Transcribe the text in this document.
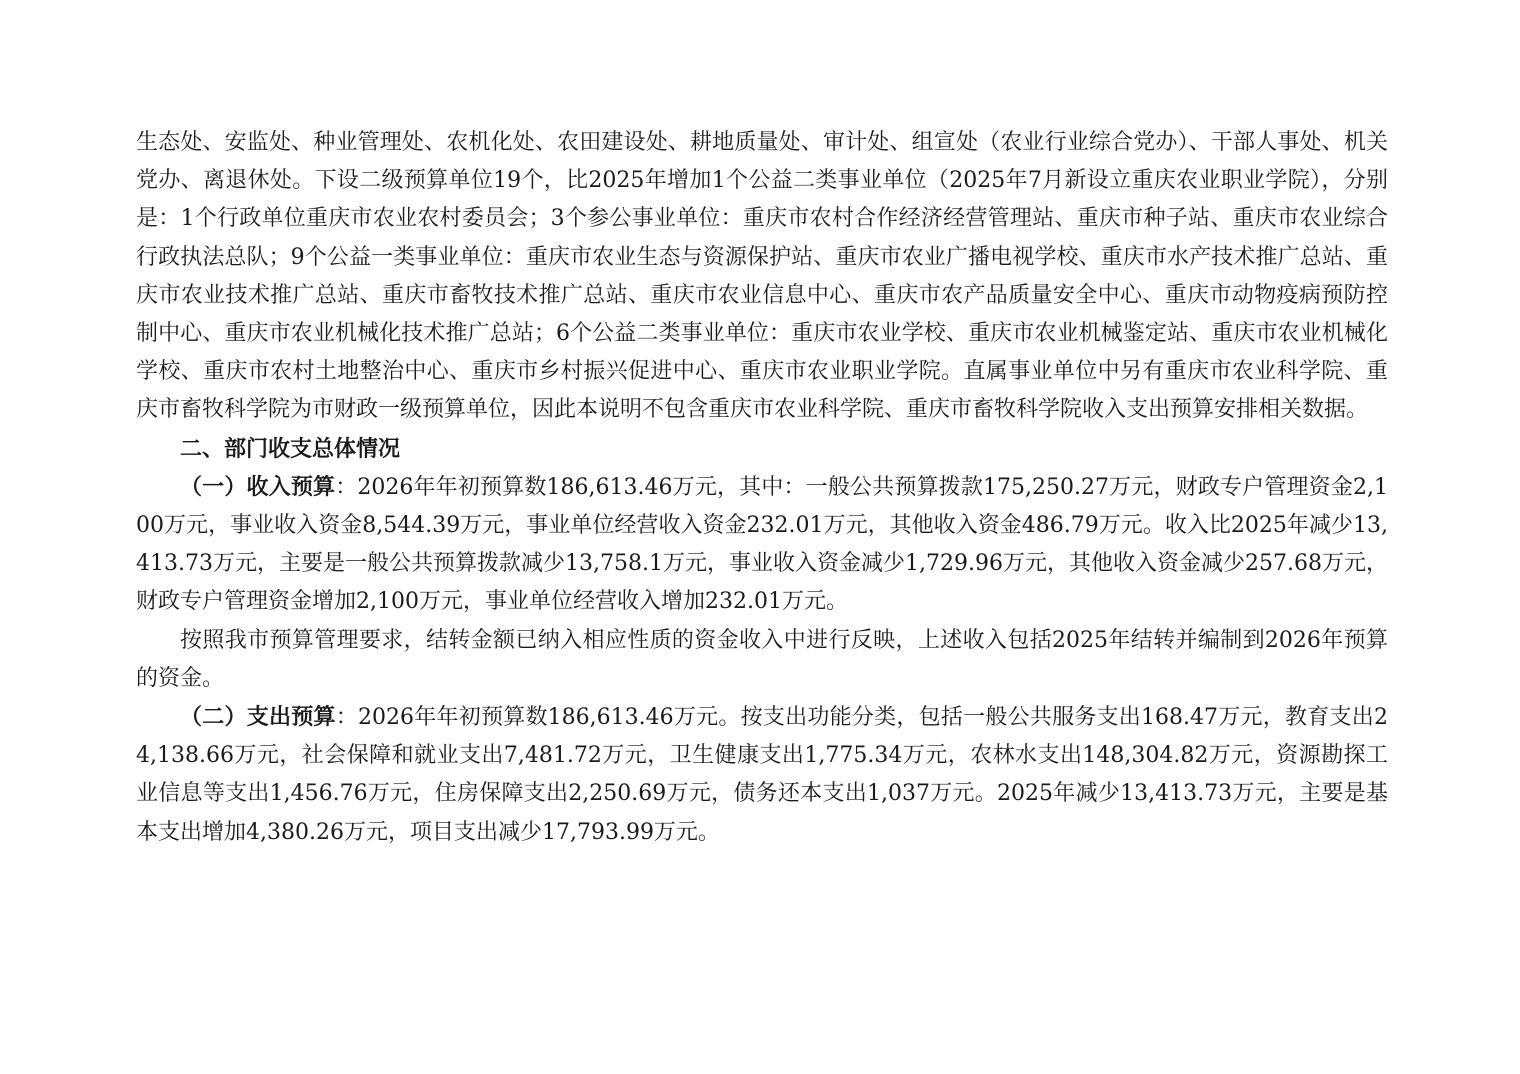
生态处、安监处、种业管理处、农机化处、农田建设处、耕地质量处、审计处、组宣处（农业行业综合党办）、干部人事处、机关党办、离退休处。下设二级预算单位19个，比2025年增加1个公益二类事业单位（2025年7月新设立重庆农业职业学院），分别是：1个行政单位重庆市农业农村委员会；3个参公事业单位：重庆市农村合作经济经营管理站、重庆市种子站、重庆市农业综合行政执法总队；9个公益一类事业单位：重庆市农业生态与资源保护站、重庆市农业广播电视学校、重庆市水产技术推广总站、重庆市农业技术推广总站、重庆市畜牧技术推广总站、重庆市农业信息中心、重庆市农产品质量安全中心、重庆市动物疫病预防控制中心、重庆市农业机械化技术推广总站；6个公益二类事业单位：重庆市农业学校、重庆市农业机械鉴定站、重庆市农业机械化学校、重庆市农村土地整治中心、重庆市乡村振兴促进中心、重庆市农业职业学院。直属事业单位中另有重庆市农业科学院、重庆市畜牧科学院为市财政一级预算单位，因此本说明不包含重庆市农业科学院、重庆市畜牧科学院收入支出预算安排相关数据。

二、部门收支总体情况

（一）收入预算：2026年年初预算数186,613.46万元，其中：一般公共预算拨款175,250.27万元，财政专户管理资金2,100万元，事业收入资金8,544.39万元，事业单位经营收入资金232.01万元，其他收入资金486.79万元。收入比2025年减少13,413.73万元，主要是一般公共预算拨款减少13,758.1万元，事业收入资金减少1,729.96万元，其他收入资金减少257.68万元，财政专户管理资金增加2,100万元，事业单位经营收入增加232.01万元。

按照我市预算管理要求，结转金额已纳入相应性质的资金收入中进行反映，上述收入包括2025年结转并编制到2026年预算的资金。

（二）支出预算：2026年年初预算数186,613.46万元。按支出功能分类，包括一般公共服务支出168.47万元，教育支出24,138.66万元，社会保障和就业支出7,481.72万元，卫生健康支出1,775.34万元，农林水支出148,304.82万元，资源勘探工业信息等支出1,456.76万元，住房保障支出2,250.69万元，债务还本支出1,037万元。2025年减少13,413.73万元，主要是基本支出增加4,380.26万元，项目支出减少17,793.99万元。
